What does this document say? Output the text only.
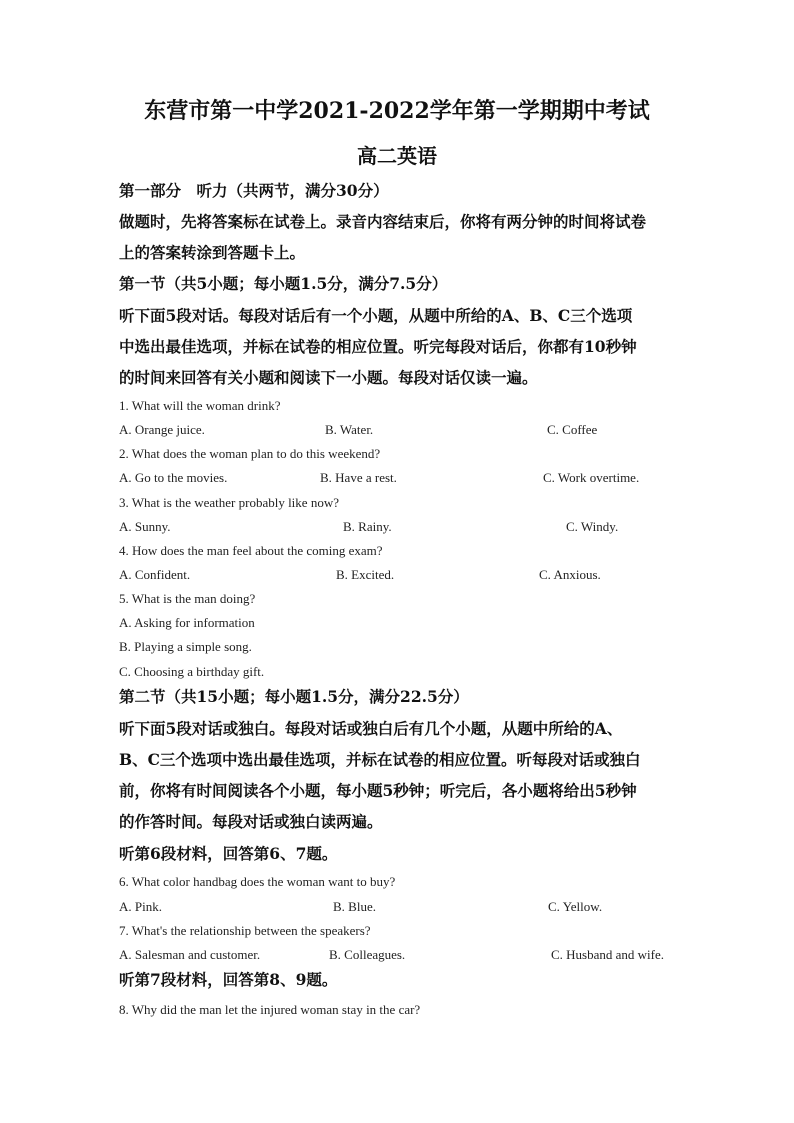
东营市第一中学2021-2022学年第一学期期中考试
高二英语
第一部分　听力（共两节，满分30分）
做题时，先将答案标在试卷上。录音内容结束后，你将有两分钟的时间将试卷
上的答案转涂到答题卡上。
第一节（共5小题；每小题1.5分，满分7.5分）
听下面5段对话。每段对话后有一个小题，从题中所给的A、B、C三个选项
中选出最佳选项，并标在试卷的相应位置。听完每段对话后，你都有10秒钟
的时间来回答有关小题和阅读下一小题。每段对话仅读一遍。
1. What will the woman drink?
A. Orange juice.	B. Water.	C. Coffee
2. What does the woman plan to do this weekend?
A. Go to the movies.	B. Have a rest.	C. Work overtime.
3. What is the weather probably like now?
A. Sunny.	B. Rainy.	C. Windy.
4. How does the man feel about the coming exam?
A. Confident.	B. Excited.	C. Anxious.
5. What is the man doing?
A. Asking for information
B. Playing a simple song.
C. Choosing a birthday gift.
第二节（共15小题；每小题1.5分，满分22.5分）
听下面5段对话或独白。每段对话或独白后有几个小题，从题中所给的A、
B、C三个选项中选出最佳选项，并标在试卷的相应位置。听每段对话或独白
前，你将有时间阅读各个小题，每小题5秒钟；听完后，各小题将给出5秒钟
的作答时间。每段对话或独白读两遍。
听第6段材料，回答第6、7题。
6. What color handbag does the woman want to buy?
A. Pink.	B. Blue.	C. Yellow.
7. What's the relationship between the speakers?
A. Salesman and customer.	B. Colleagues.	C. Husband and wife.
听第7段材料，回答第8、9题。
8. Why did the man let the injured woman stay in the car?
